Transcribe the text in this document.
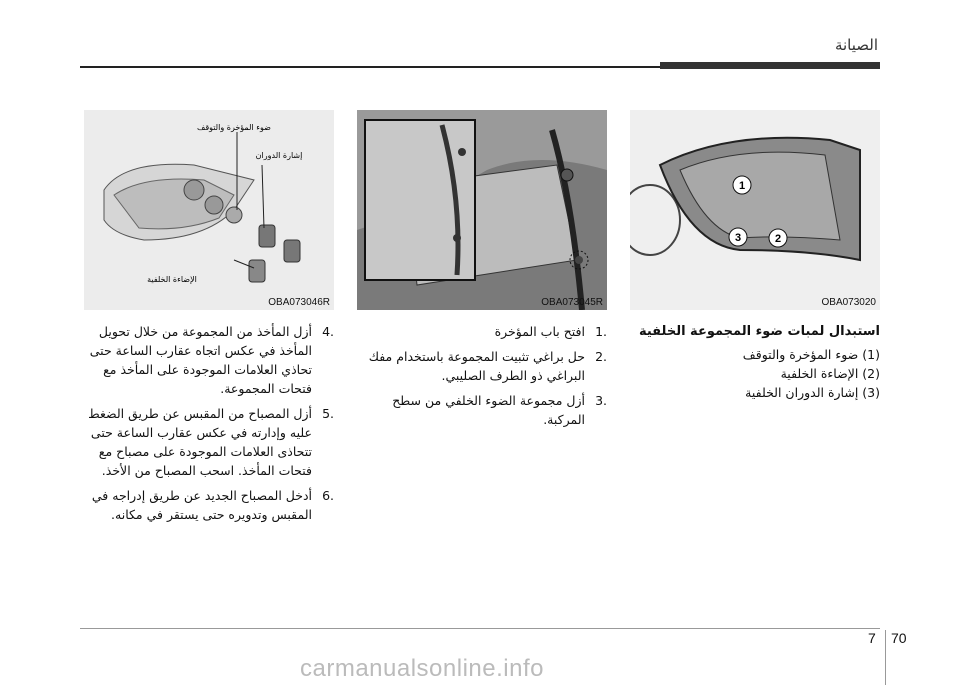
الصيانة
ضوء المؤخرة والتوقف
إشارة الدوران
الإضاءة الخلفية
OBA073046R	OBA073045R
1
2
3
OBA073020
استبدال لمبات ضوء المجموعة الخلفية
(1) ضوء المؤخرة والتوقف
(2) الإضاءة الخلفية
(3) إشارة الدوران الخلفية
.1
افتح باب المؤخرة
.2
حل براغي تثبيت المجموعة باستخدام مفك البراغي ذو الطرف الصليبي.
.3
أزل مجموعة الضوء الخلفي من سطح المركبة.
.4
أزل المأخذ من المجموعة من خلال تحويل المأخذ في عكس اتجاه عقارب الساعة حتى تحاذي العلامات الموجودة على المأخذ مع فتحات المجموعة.
.5
أزل المصباح من المقبس عن طريق الضغط عليه وإدارته في عكس عقارب الساعة حتى تتحاذى العلامات الموجودة على مصباح مع فتحات المأخذ. اسحب المصباح من الأخذ.
.6
أدخل المصباح الجديد عن طريق إدراجه في المقبس وتدويره حتى يستقر في مكانه.
7 70
carmanualsonline.info
